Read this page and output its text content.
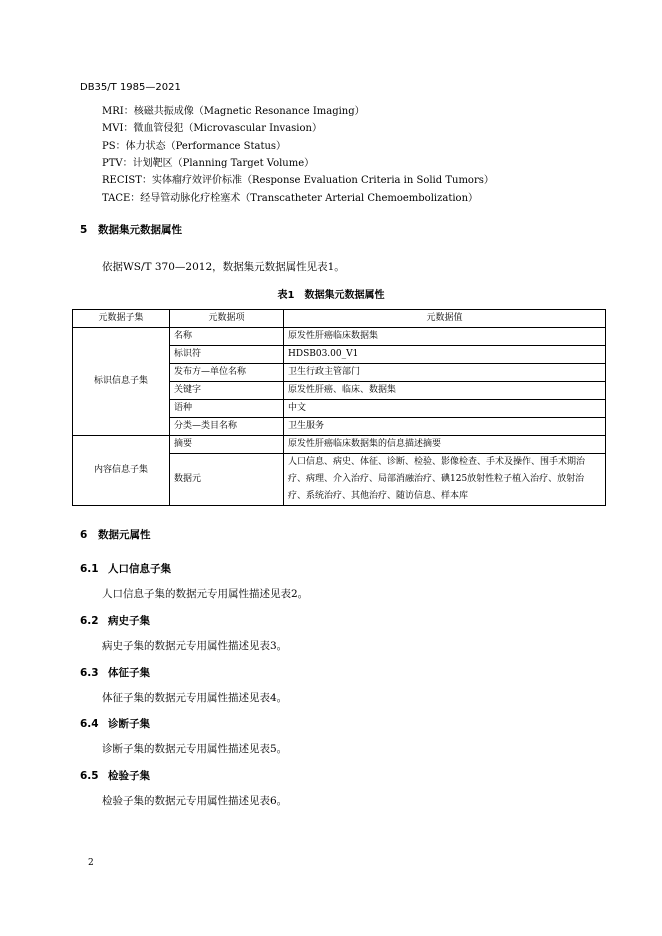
DB35/T 1985—2021
MRI：核磁共振成像（Magnetic Resonance Imaging）
MVI：微血管侵犯（Microvascular Invasion）
PS：体力状态（Performance Status）
PTV：计划靶区（Planning Target Volume）
RECIST：实体瘤疗效评价标准（Response Evaluation Criteria in Solid Tumors）
TACE：经导管动脉化疗栓塞术（Transcatheter Arterial Chemoembolization）
5 数据集元数据属性
依据WS/T 370—2012，数据集元数据属性见表1。
表1　数据集元数据属性
元数据子集	元数据项	元数据值
标识信息子集	名称	原发性肝癌临床数据集
	标识符	HDSB03.00_V1
	发布方—单位名称	卫生行政主管部门
	关键字	原发性肝癌、临床、数据集
	语种	中文
	分类—类目名称	卫生服务
内容信息子集	摘要	原发性肝癌临床数据集的信息描述摘要
	数据元	人口信息、病史、体征、诊断、检验、影像检查、手术及操作、围手术期治疗、病理、介入治疗、局部消融治疗、碘125放射性粒子植入治疗、放射治疗、系统治疗、其他治疗、随访信息、样本库
6 数据元属性
6.1 人口信息子集
人口信息子集的数据元专用属性描述见表2。
6.2 病史子集
病史子集的数据元专用属性描述见表3。
6.3 体征子集
体征子集的数据元专用属性描述见表4。
6.4 诊断子集
诊断子集的数据元专用属性描述见表5。
6.5 检验子集
检验子集的数据元专用属性描述见表6。
2
